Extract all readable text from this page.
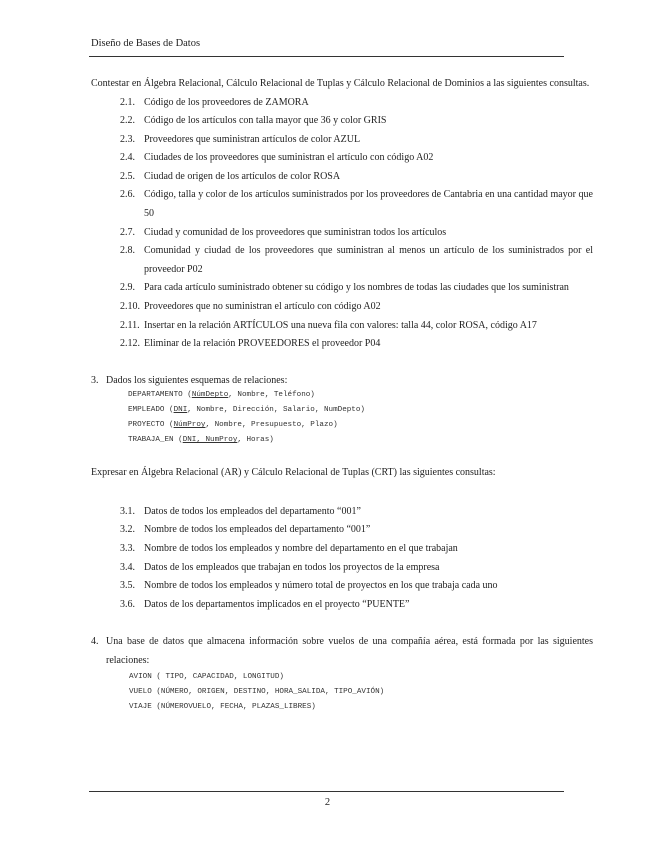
Diseño de Bases de Datos

Contestar en Álgebra Relacional, Cálculo Relacional de Tuplas y Cálculo Relacional de Dominios a las siguientes consultas.

2.1. Código de los proveedores de ZAMORA
2.2. Código de los artículos con talla mayor que 36 y color GRIS
2.3. Proveedores que suministran artículos de color AZUL
2.4. Ciudades de los proveedores que suministran el artículo con código A02
2.5. Ciudad de origen de los artículos de color ROSA
2.6. Código, talla y color de los artículos suministrados por los proveedores de Cantabria en una cantidad mayor que 50
2.7. Ciudad y comunidad de los proveedores que suministran todos los artículos
2.8. Comunidad y ciudad de los proveedores que suministran al menos un artículo de los suministrados por el proveedor P02
2.9. Para cada artículo suministrado obtener su código y los nombres de todas las ciudades que los suministran
2.10. Proveedores que no suministran el artículo con código A02
2.11. Insertar en la relación ARTÍCULOS una nueva fila con valores: talla 44, color ROSA, código A17
2.12. Eliminar de la relación PROVEEDORES el proveedor P04
3. Dados los siguientes esquemas de relaciones:
DEPARTAMENTO (NúmDepto, Nombre, Teléfono)
EMPLEADO (DNI, Nombre, Dirección, Salario, NumDepto)
PROYECTO (NúmProy, Nombre, Presupuesto, Plazo)
TRABAJA_EN (DNI, NumProy, Horas)

Expresar en Álgebra Relacional (AR) y Cálculo Relacional de Tuplas (CRT) las siguientes consultas:

3.1. Datos de todos los empleados del departamento “001”
3.2. Nombre de todos los empleados del departamento “001”
3.3. Nombre de todos los empleados y nombre del departamento en el que trabajan
3.4. Datos de los empleados que trabajan en todos los proyectos de la empresa
3.5. Nombre de todos los empleados y número total de proyectos en los que trabaja cada uno
3.6. Datos de los departamentos implicados en el proyecto “PUENTE”
4. Una base de datos que almacena información sobre vuelos de una compañía aérea, está formada por las siguientes relaciones:
AVION ( TIPO, CAPACIDAD, LONGITUD)
VUELO (NÚMERO, ORIGEN, DESTINO, HORA_SALIDA, TIPO_AVIÓN)
VIAJE (NÚMEROVUELO, FECHA, PLAZAS_LIBRES)
2
